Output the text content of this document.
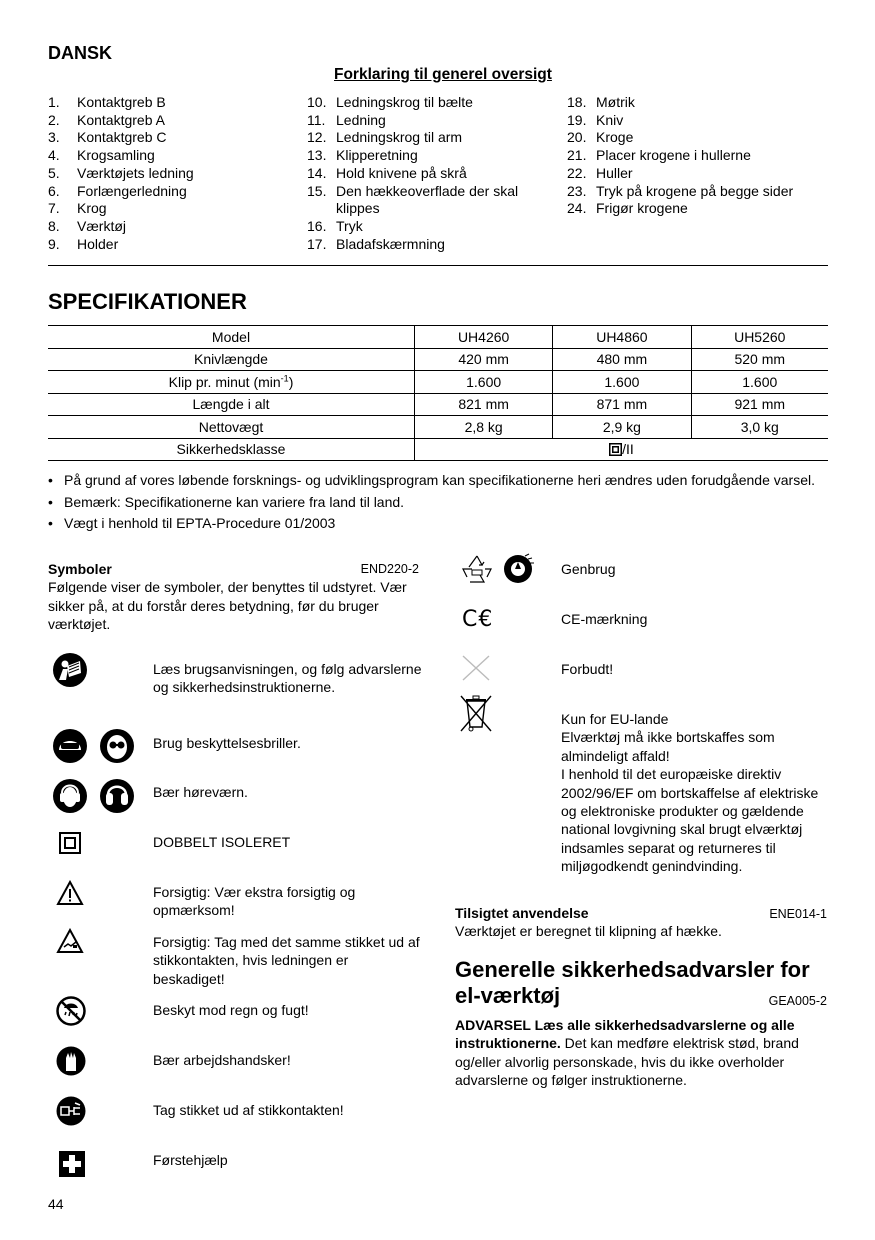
DANSK
Forklaring til generel oversigt
1.	Kontaktgreb B
2.	Kontaktgreb A
3.	Kontaktgreb C
4.	Krogsamling
5.	Værktøjets ledning
6.	Forlængerledning
7.	Krog
8.	Værktøj
9.	Holder
10. Ledningskrog til bælte
11. Ledning
12. Ledningskrog til arm
13. Klipperetning
14. Hold knivene på skrå
15. Den hækkeoverflade der skal klippes
16. Tryk
17. Bladafskærmning
18. Møtrik
19. Kniv
20. Kroge
21. Placer krogene i hullerne
22. Huller
23. Tryk på krogene på begge sider
24. Frigør krogene
SPECIFIKATIONER
Model	UH4260	UH4860	UH5260
Knivlængde	420 mm	480 mm	520 mm
Klip pr. minut $(\min^{-1})$	1.600	1.600	1.600
Længde i alt	821 mm	871 mm	921 mm
Nettovægt	2,8 kg	2,9 kg	3,0 kg
Sikkerhedsklasse	/II		
• På grund af vores løbende forsknings- og udviklingsprogram kan specifikationerne heri ændres uden forudgående varsel.
• Bemærk: Specifikationerne kan variere fra land til land.
• Vægt i henhold til EPTA-Procedure 01/2003
Symboler	END220-2
Følgende viser de symboler, der benyttes til udstyret. Vær sikker på, at du forstår deres betydning, før du bruger værktøjet.
Læs brugsanvisningen, og følg advarslerne og sikkerhedsinstruktionerne.
Brug beskyttelsesbriller.
Bær høreværn.
DOBBELT ISOLERET
Forsigtig: Vær ekstra forsigtig og opmærksom!
Forsigtig: Tag med det samme stikket ud af stikkontakten, hvis ledningen er beskadiget!
Beskyt mod regn og fugt!
Bær arbejdshandsker!
Tag stikket ud af stikkontakten!
Førstehjælp
Genbrug
C€	CE-mærkning
Forbudt!
Kun for EU-lande
Elværktøj må ikke bortskaffes som almindeligt affald!
I henhold til det europæiske direktiv 2002/96/EF om bortskaffelse af elektriske og elektroniske produkter og gældende national lovgivning skal brugt elværktøj indsamles separat og returneres til miljøgodkendt genindvinding.
Tilsigtet anvendelse	ENE014-1
Værktøjet er beregnet til klipning af hække.
Generelle sikkerhedsadvarsler for
el-værktøj	GEA005-2
ADVARSEL Læs alle sikkerhedsadvarslerne og alle instruktionerne. Det kan medføre elektrisk stød, brand og/eller alvorlig personskade, hvis du ikke overholder advarslerne og følger instruktionerne.
44
